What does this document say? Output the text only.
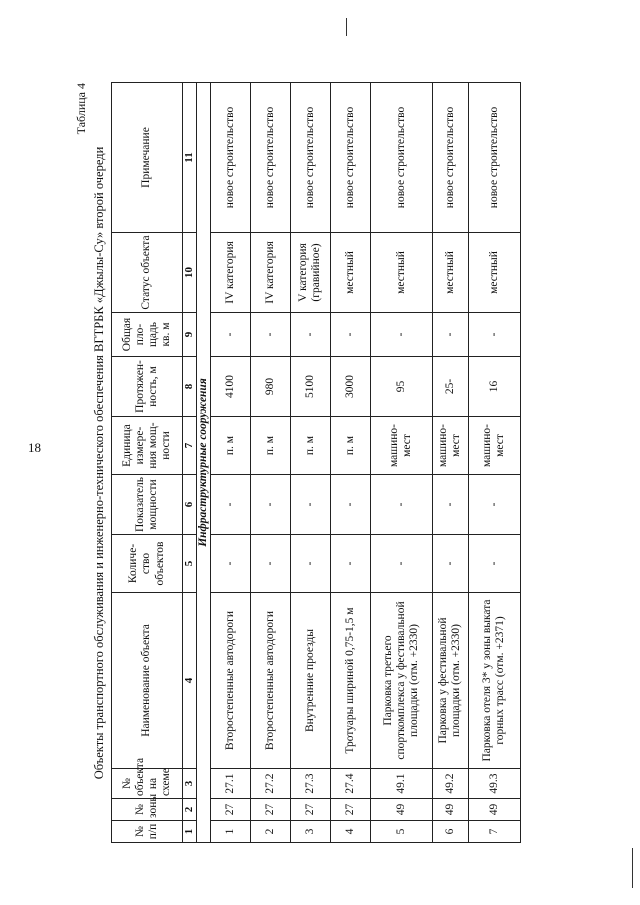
18
Таблица 4
Объекты транспортного обслуживания и инженерно-технического обеспечения ВГТРБК «Джылы-Су» второй очереди
№ п/п	№ зоны	№ объекта на схеме	Наименование объекта	Количе-ство объектов	Показатель мощности	Единица измере-ния мощ-ности	Протяжен-ность, м	Общая пло-щадь кв. м	Статус объекта	Примечание
1	2	3	4	5	6	7	8	9	10	11
Инфраструктурные сооружения										
1	27	27.1	Второстепенные автодороги	-	-	п. м	4100	-	IV категория	новое строительство
2	27	27.2	Второстепенные автодороги	-	-	п. м	980	-	IV категория	новое строительство
3	27	27.3	Внутренние проезды	-	-	п. м	5100	-	V категория (гравийное)	новое строительство
4	27	27.4	Тротуары шириной 0,75-1,5 м	-	-	п. м	3000	-	местный	новое строительство
5	49	49.1	Парковка третьего спорткомплекса у фестивальной площадки (отм. +2330)	-	-	машино-мест	95	-	местный	новое строительство
6	49	49.2	Парковка у фестивальной площадки (отм. +2330)	-	-	машино-мест	25-	-	местный	новое строительство
7	49	49.3	Парковка отеля 3* у зоны выката горных трасс (отм. +2371)	-	-	машино-мест	16	-	местный	новое строительство
